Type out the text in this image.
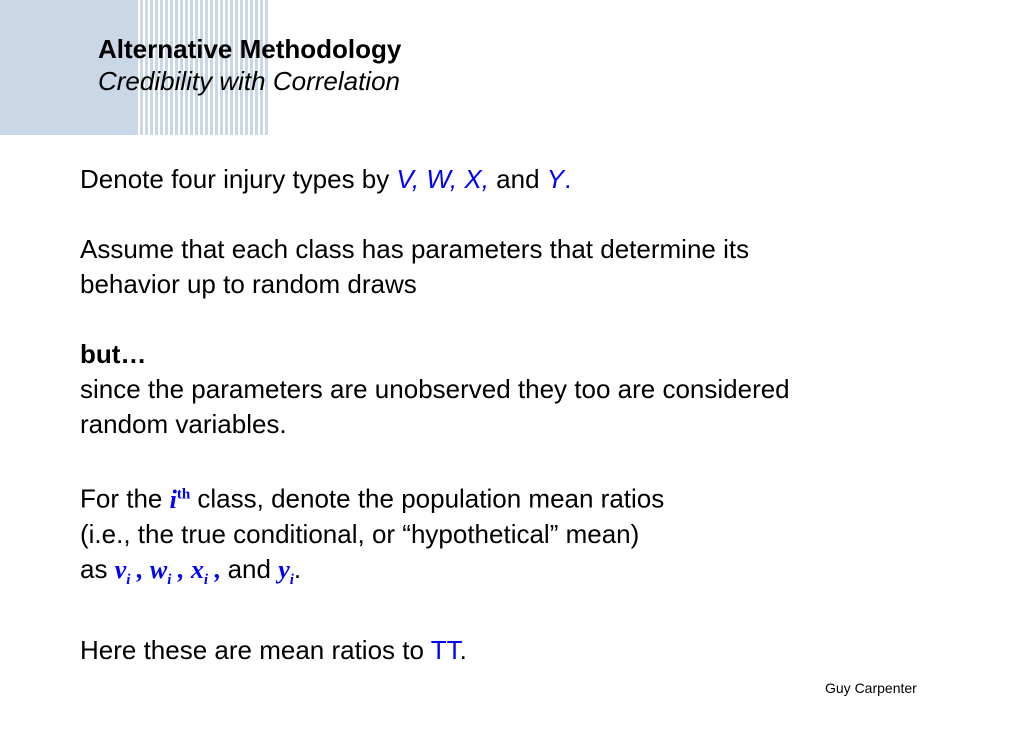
Alternative Methodology
Credibility with Correlation

Denote four injury types by V, W, X, and Y.

Assume that each class has parameters that determine its
behavior up to random draws

but…
since the parameters are unobserved they too are considered
random variables.

For the $i^{th}$ class, denote the population mean ratios
(i.e., the true conditional, or “hypothetical” mean)
as $v_i$ , $w_i$ , $x_i$ , and $y_i$.

Here these are mean ratios to TT.

Guy Carpenter
